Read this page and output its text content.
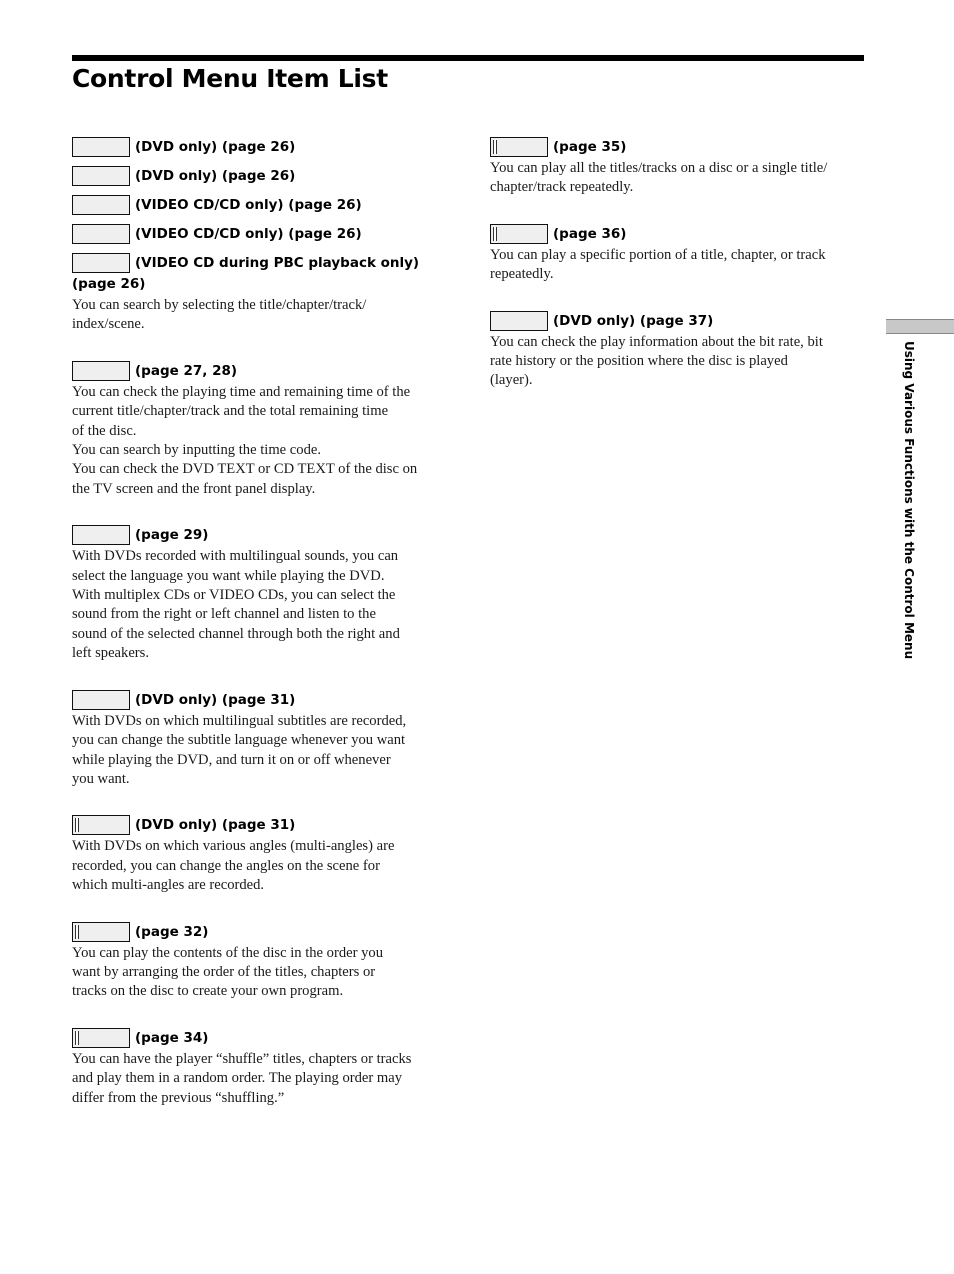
Control Menu Item List
(DVD only) (page 26)
(DVD only) (page 26)
(VIDEO CD/CD only) (page 26)
(VIDEO CD/CD only) (page 26)
(VIDEO CD during PBC playback only)
(page 26)

You can search by selecting the title/chapter/track/

index/scene.

(page 27, 28)

You can check the playing time and remaining time of the

current title/chapter/track and the total remaining time

of the disc.

You can search by inputting the time code.

You can check the DVD TEXT or CD TEXT of the disc on

the TV screen and the front panel display.

(page 29)

With DVDs recorded with multilingual sounds, you can

select the language you want while playing the DVD.

With multiplex CDs or VIDEO CDs, you can select the

sound from the right or left channel and listen to the

sound of the selected channel through both the right and

left speakers.

(DVD only) (page 31)

With DVDs on which multilingual subtitles are recorded,

you can change the subtitle language whenever you want

while playing the DVD, and turn it on or off whenever

you want.

(DVD only) (page 31)

With DVDs on which various angles (multi-angles) are

recorded, you can change the angles on the scene for

which multi-angles are recorded.

(page 32)

You can play the contents of the disc in the order you

want by arranging the order of the titles, chapters or

tracks on the disc to create your own program.

(page 34)

You can have the player “shuffle” titles, chapters or tracks

and play them in a random order. The playing order may

differ from the previous “shuffling.”

(page 35)

You can play all the titles/tracks on a disc or a single title/

chapter/track repeatedly.

(page 36)

You can play a specific portion of a title, chapter, or track

repeatedly.

(DVD only) (page 37)

You can check the play information about the bit rate, bit

rate history or the position where the disc is played

(layer).	Using Various Functions with the Control Menu
